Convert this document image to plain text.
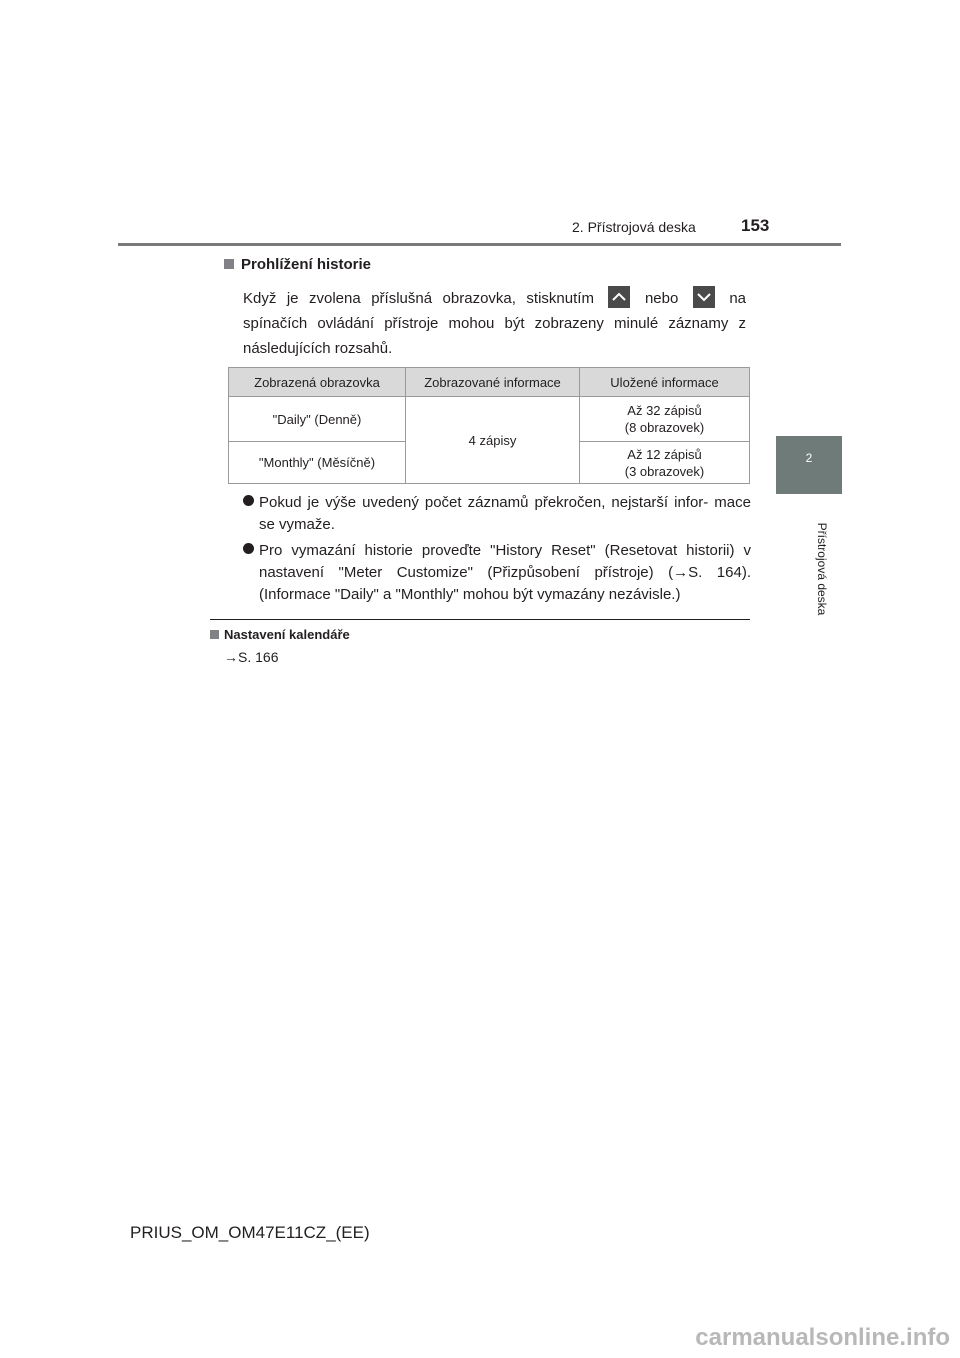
2. Přístrojová deska	153
2
Přístrojová deska
Prohlížení historie
Když je zvolena příslušná obrazovka, stisknutím	nebo	na spínačích ovládání přístroje mohou být zobrazeny minulé záznamy z následujících rozsahů.
Zobrazená obrazovka	Zobrazované informace	Uložené informace
"Daily" (Denně)	4 zápisy	Až 32 zápisů
(8 obrazovek)
"Monthly" (Měsíčně)		Až 12 zápisů
(3 obrazovek)
Pokud je výše uvedený počet záznamů překročen, nejstarší infor- mace se vymaže.
Pro vymazání historie proveďte "History Reset" (Resetovat historii) v nastavení "Meter Customize" (Přizpůsobení přístroje) (→S. 164). (Informace "Daily" a "Monthly" mohou být vymazány nezávisle.)
Nastavení kalendáře
→S. 166
PRIUS_OM_OM47E11CZ_(EE)
carmanualsonline.info
